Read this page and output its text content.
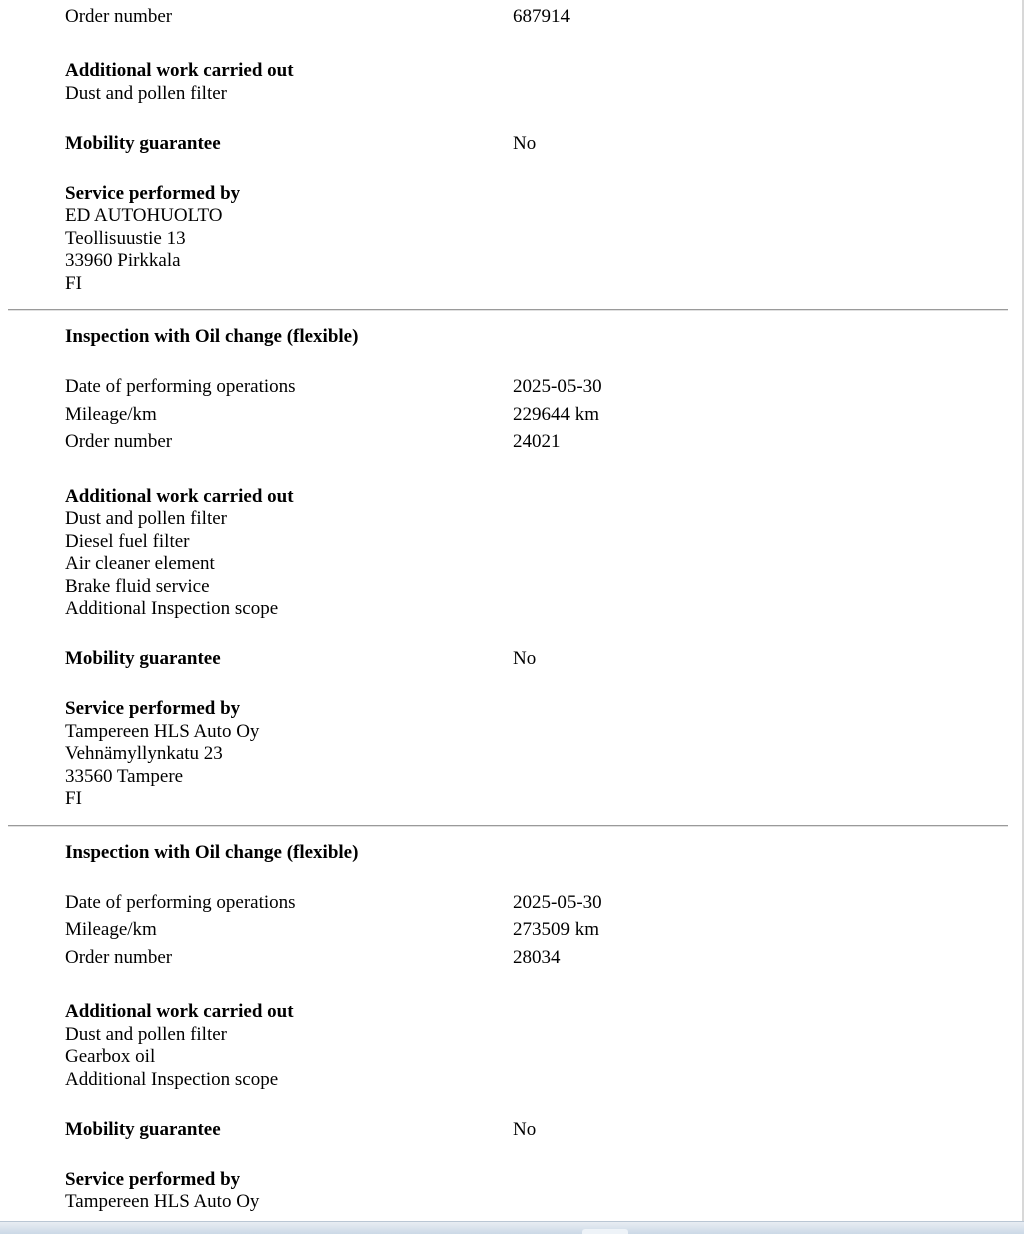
Order number	687914
Additional work carried out
Dust and pollen filter
Mobility guarantee	No
Service performed by
ED AUTOHUOLTO
Teollisuustie 13
33960 Pirkkala
FI
Inspection with Oil change (flexible)
Date of performing operations	2025-05-30
Mileage/km	229644 km
Order number	24021
Additional work carried out
Dust and pollen filter
Diesel fuel filter
Air cleaner element
Brake fluid service
Additional Inspection scope
Mobility guarantee	No
Service performed by
Tampereen HLS Auto Oy
Vehnämyllynkatu 23
33560 Tampere
FI
Inspection with Oil change (flexible)
Date of performing operations	2025-05-30
Mileage/km	273509 km
Order number	28034
Additional work carried out
Dust and pollen filter
Gearbox oil
Additional Inspection scope
Mobility guarantee	No
Service performed by
Tampereen HLS Auto Oy
